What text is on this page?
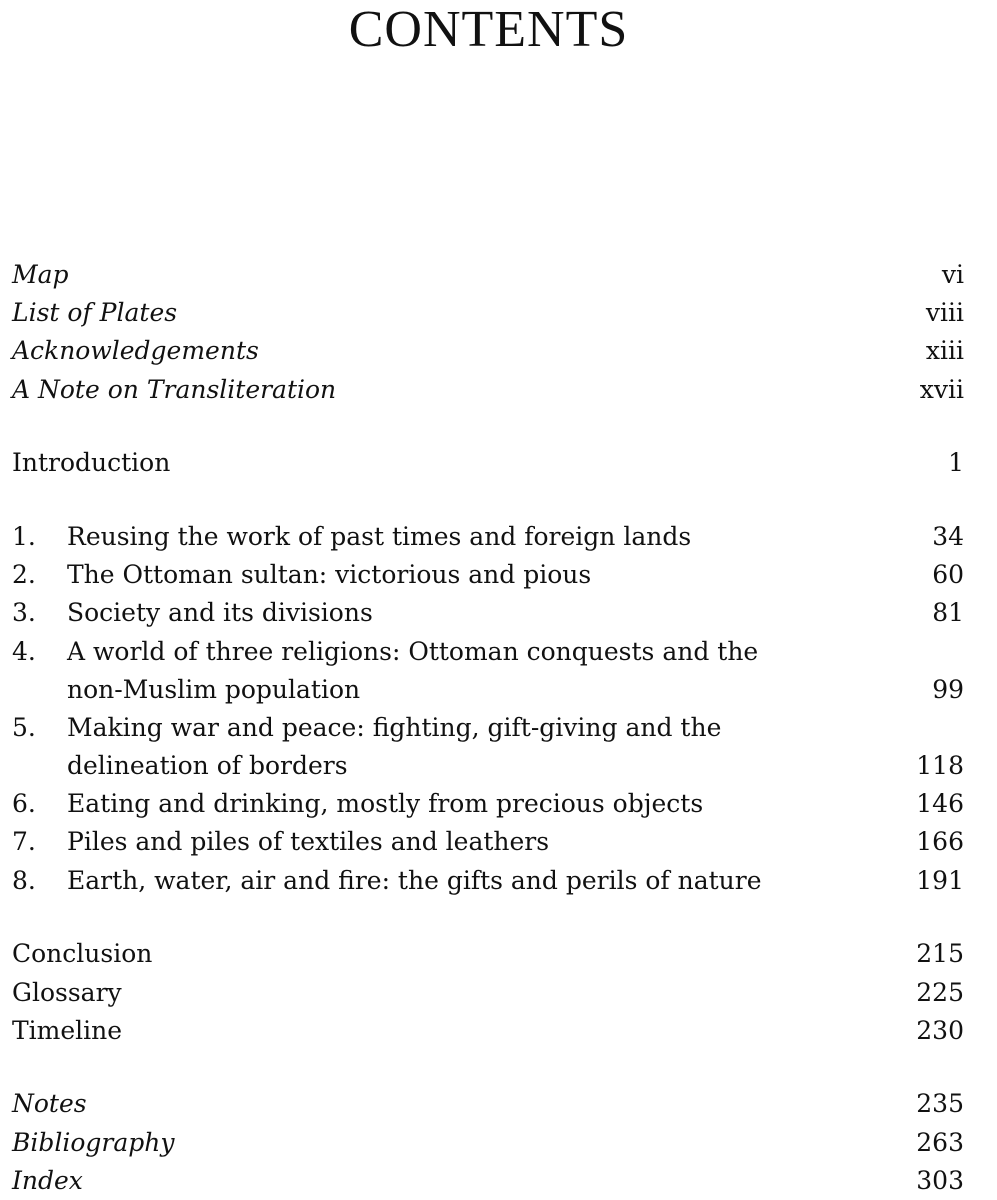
CONTENTS
Map	vi
List of Plates	viii
Acknowledgements	xiii
A Note on Transliteration	xvii
Introduction	1
1.	Reusing the work of past times and foreign lands	34
2.	The Ottoman sultan: victorious and pious	60
3.	Society and its divisions	81
4.	A world of three religions: Ottoman conquests and the non-Muslim population	99
5.	Making war and peace: fighting, gift-giving and the delineation of borders	118
6.	Eating and drinking, mostly from precious objects	146
7.	Piles and piles of textiles and leathers	166
8.	Earth, water, air and fire: the gifts and perils of nature	191
Conclusion	215
Glossary	225
Timeline	230
Notes	235
Bibliography	263
Index	303
